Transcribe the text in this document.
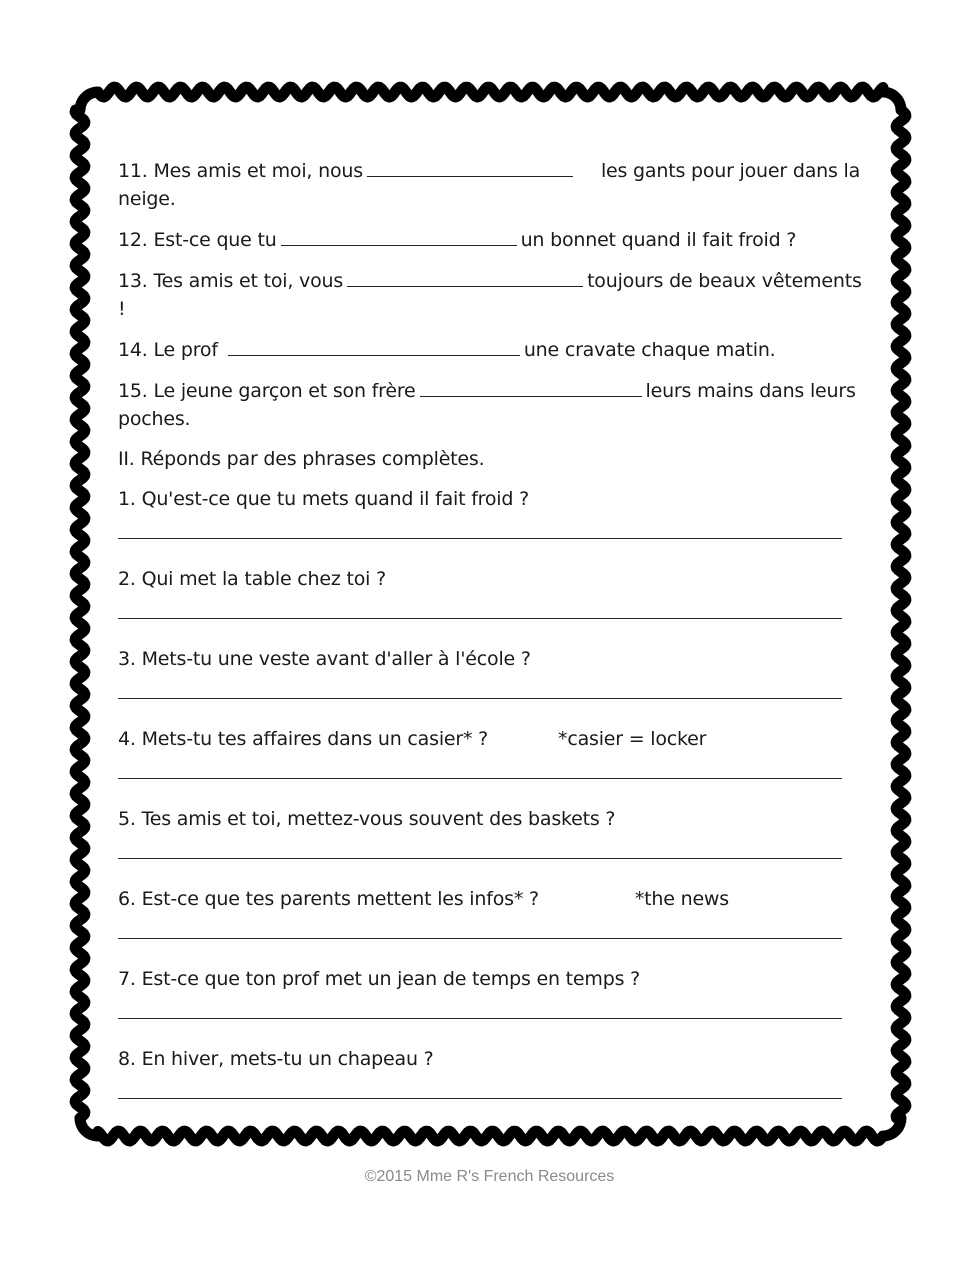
11. Mes amis et moi, nous	les gants pour jouer dans la neige.

12. Est-ce que tu	un bonnet quand il fait froid ?

13. Tes amis et toi, vous	toujours de beaux vêtements !

14. Le prof	une cravate chaque matin.

15. Le jeune garçon et son frère	leurs mains dans leurs poches.

II. Réponds par des phrases complètes.
1. Qu'est-ce que tu mets quand il fait froid ?
2. Qui met la table chez toi ?
3. Mets-tu une veste avant d'aller à l'école ?
4. Mets-tu tes affaires dans un casier* ?	*casier = locker
5. Tes amis et toi, mettez-vous souvent des baskets ?
6. Est-ce que tes parents mettent les infos* ?	*the news
7. Est-ce que ton prof met un jean de temps en temps ?
8. En hiver, mets-tu un chapeau ?
©2015 Mme R's French Resources
